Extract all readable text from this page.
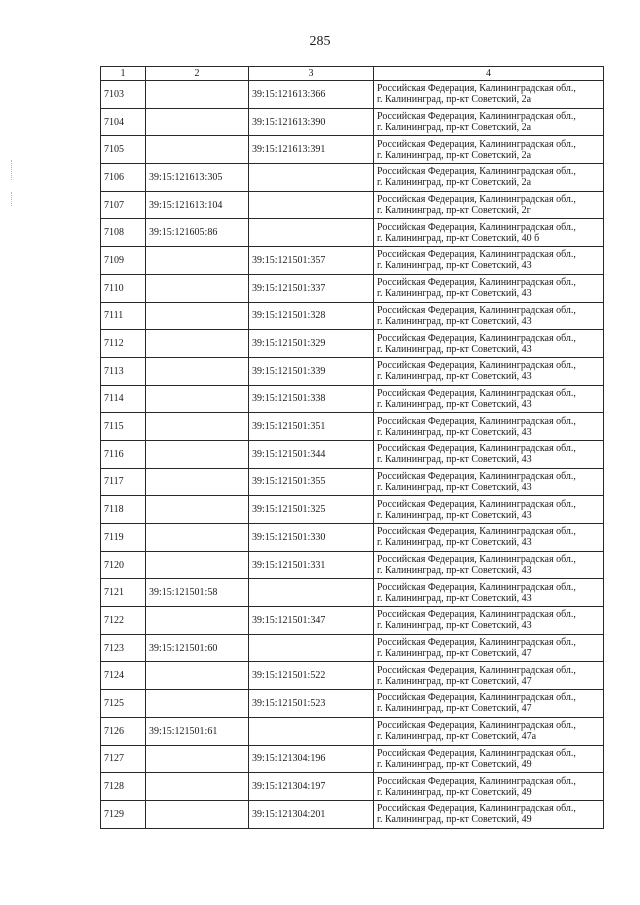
285
1	2	3	4
7103		39:15:121613:366	Российская Федерация, Калининградская обл.,
г. Калининград, пр-кт Советский, 2а

7104		39:15:121613:390	Российская Федерация, Калининградская обл.,
г. Калининград, пр-кт Советский, 2а

7105		39:15:121613:391	Российская Федерация, Калининградская обл.,
г. Калининград, пр-кт Советский, 2а

7106	39:15:121613:305		Российская Федерация, Калининградская обл.,
г. Калининград, пр-кт Советский, 2а

7107	39:15:121613:104		Российская Федерация, Калининградская обл.,
г. Калининград, пр-кт Советский, 2г

7108	39:15:121605:86		Российская Федерация, Калининградская обл.,
г. Калининград, пр-кт Советский, 40 б

7109		39:15:121501:357	Российская Федерация, Калининградская обл.,
г. Калининград, пр-кт Советский, 43

7110		39:15:121501:337	Российская Федерация, Калининградская обл.,
г. Калининград, пр-кт Советский, 43

7111		39:15:121501:328	Российская Федерация, Калининградская обл.,
г. Калининград, пр-кт Советский, 43

7112		39:15:121501:329	Российская Федерация, Калининградская обл.,
г. Калининград, пр-кт Советский, 43

7113		39:15:121501:339	Российская Федерация, Калининградская обл.,
г. Калининград, пр-кт Советский, 43

7114		39:15:121501:338	Российская Федерация, Калининградская обл.,
г. Калининград, пр-кт Советский, 43

7115		39:15:121501:351	Российская Федерация, Калининградская обл.,
г. Калининград, пр-кт Советский, 43

7116		39:15:121501:344	Российская Федерация, Калининградская обл.,
г. Калининград, пр-кт Советский, 43

7117		39:15:121501:355	Российская Федерация, Калининградская обл.,
г. Калининград, пр-кт Советский, 43

7118		39:15:121501:325	Российская Федерация, Калининградская обл.,
г. Калининград, пр-кт Советский, 43

7119		39:15:121501:330	Российская Федерация, Калининградская обл.,
г. Калининград, пр-кт Советский, 43

7120		39:15:121501:331	Российская Федерация, Калининградская обл.,
г. Калининград, пр-кт Советский, 43

7121	39:15:121501:58		Российская Федерация, Калининградская обл.,
г. Калининград, пр-кт Советский, 43

7122		39:15:121501:347	Российская Федерация, Калининградская обл.,
г. Калининград, пр-кт Советский, 43

7123	39:15:121501:60		Российская Федерация, Калининградская обл.,
г. Калининград, пр-кт Советский, 47

7124		39:15:121501:522	Российская Федерация, Калининградская обл.,
г. Калининград, пр-кт Советский, 47

7125		39:15:121501:523	Российская Федерация, Калининградская обл.,
г. Калининград, пр-кт Советский, 47

7126	39:15:121501:61		Российская Федерация, Калининградская обл.,
г. Калининград, пр-кт Советский, 47а

7127		39:15:121304:196	Российская Федерация, Калининградская обл.,
г. Калининград, пр-кт Советский, 49

7128		39:15:121304:197	Российская Федерация, Калининградская обл.,
г. Калининград, пр-кт Советский, 49

7129		39:15:121304:201	Российская Федерация, Калининградская обл.,
г. Калининград, пр-кт Советский, 49
